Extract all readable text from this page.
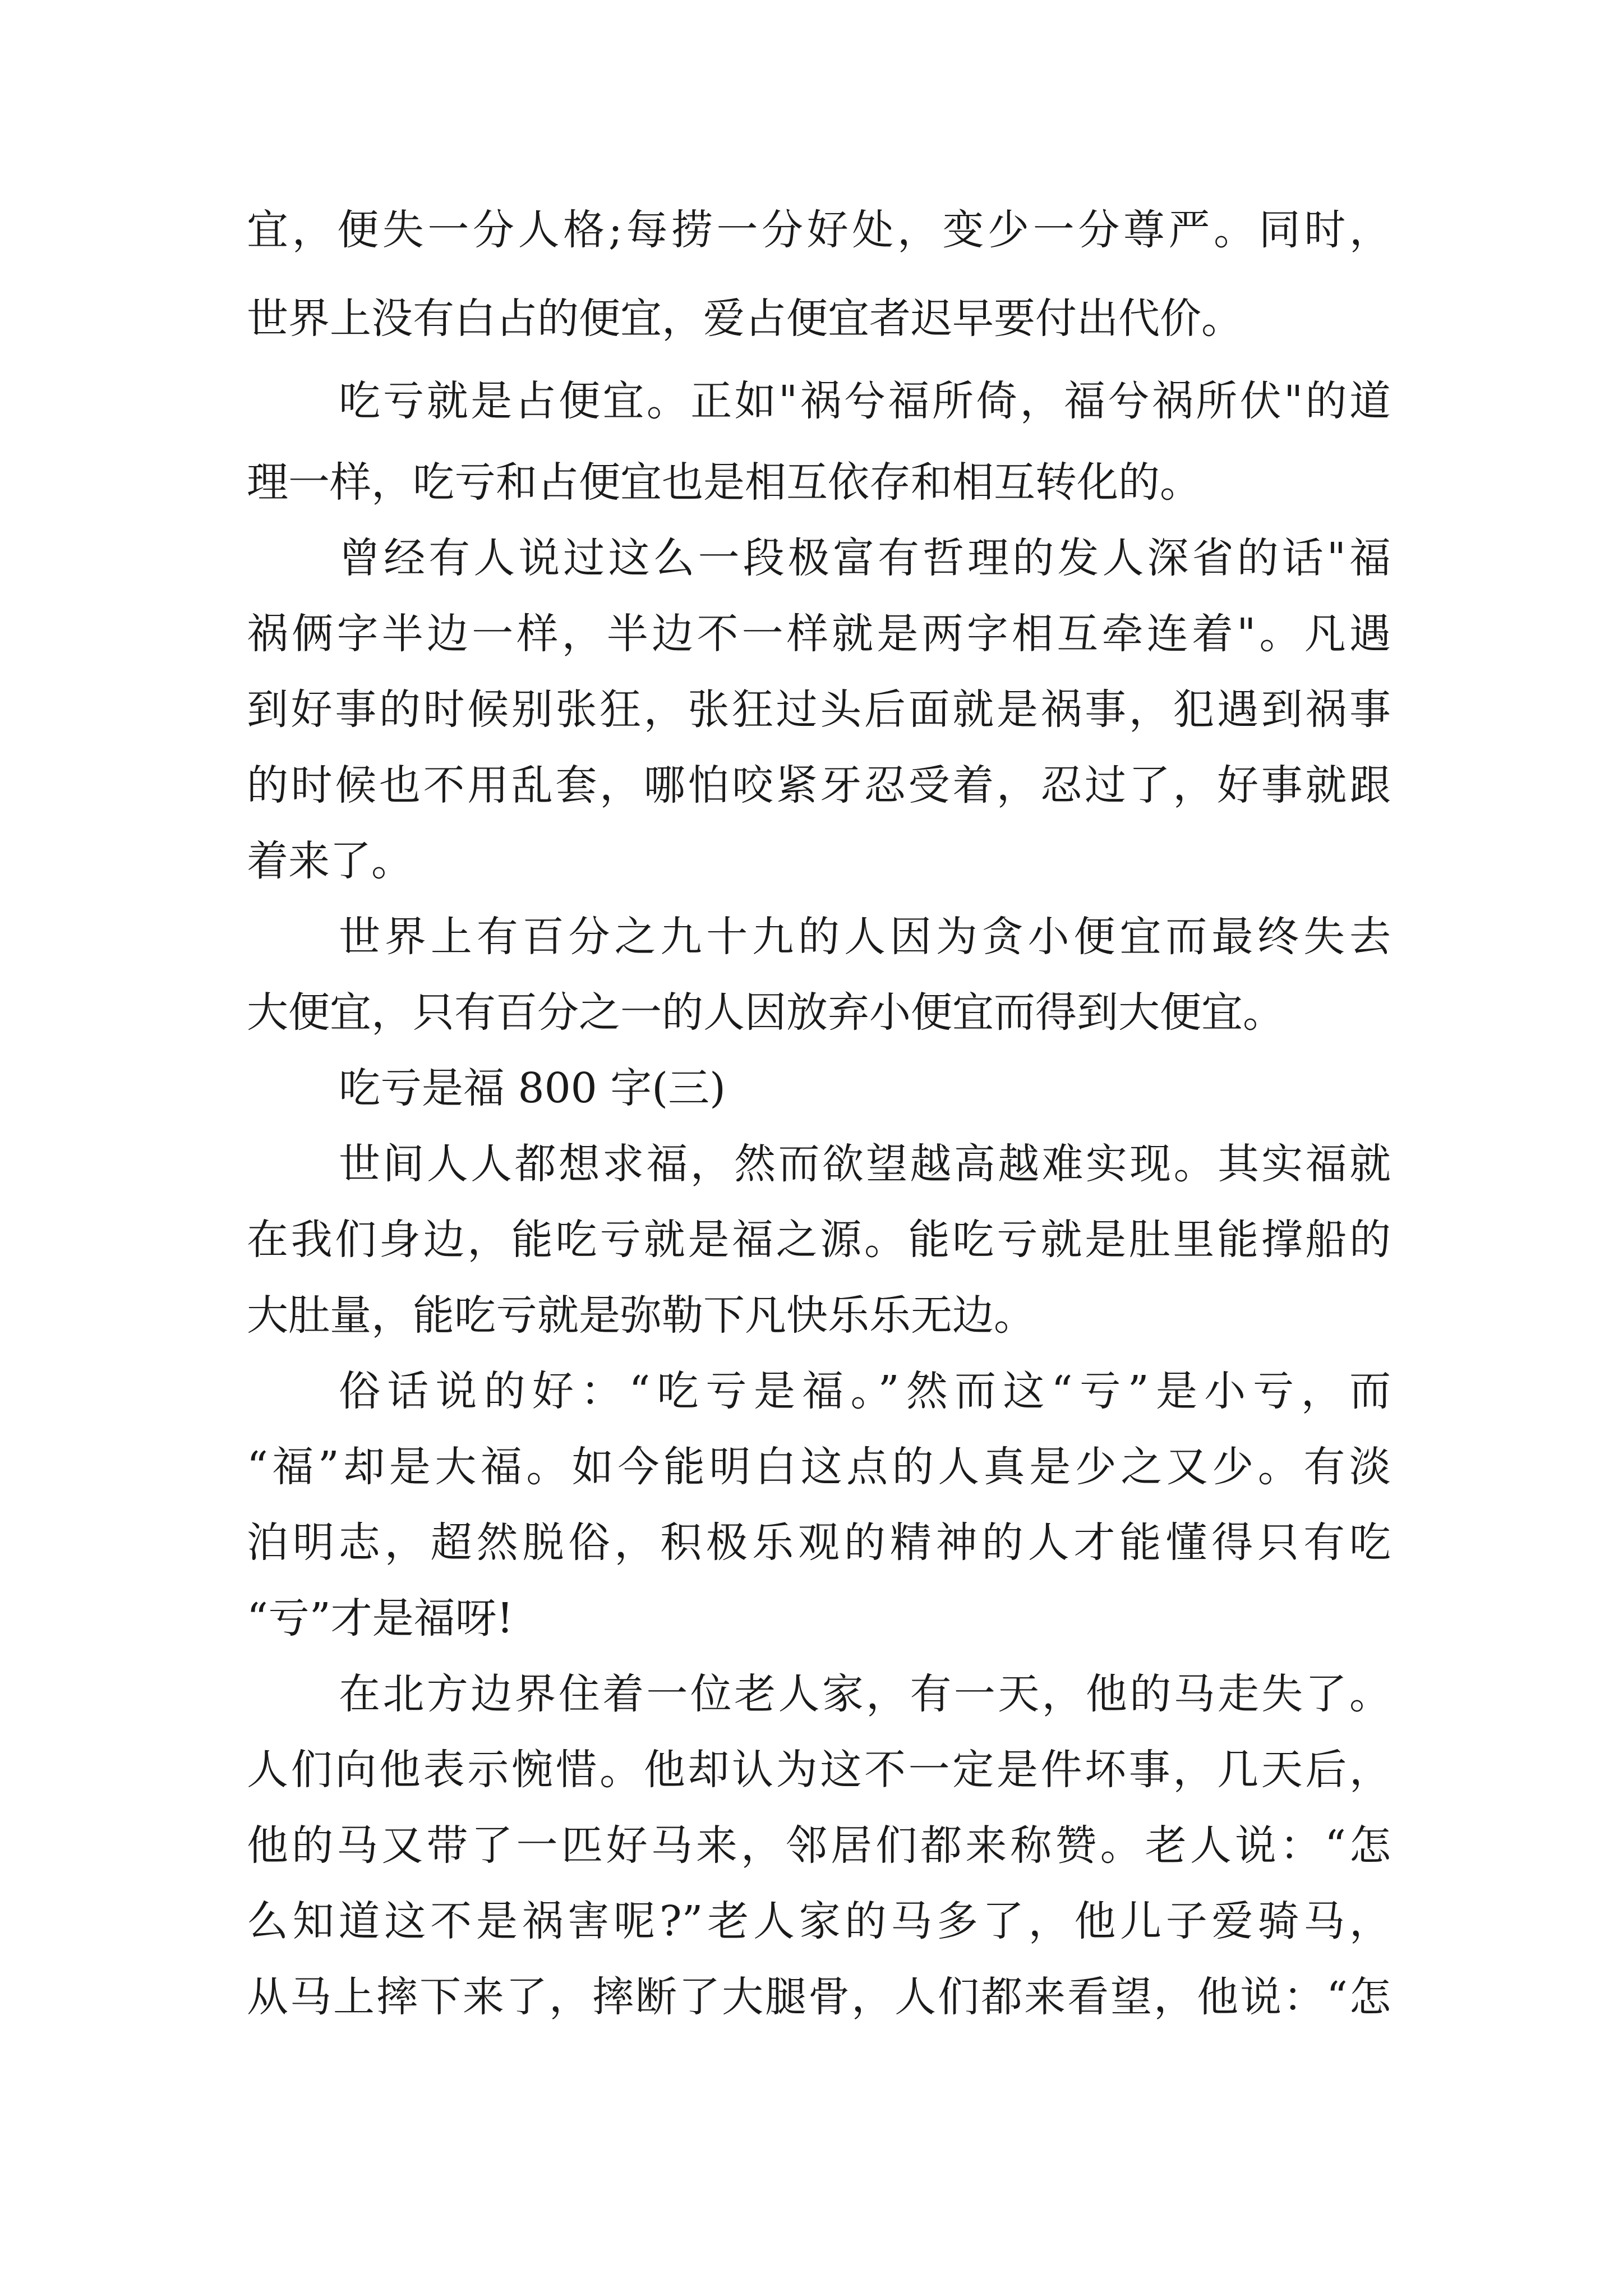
宜，便失一分人格;每捞一分好处，变少一分尊严。同时，
世界上没有白占的便宜，爱占便宜者迟早要付出代价。
吃亏就是占便宜。正如"祸兮福所倚，福兮祸所伏"的道
理一样，吃亏和占便宜也是相互依存和相互转化的。
曾经有人说过这么一段极富有哲理的发人深省的话"福
祸俩字半边一样，半边不一样就是两字相互牵连着"。凡遇
到好事的时候别张狂，张狂过头后面就是祸事，犯遇到祸事
的时候也不用乱套，哪怕咬紧牙忍受着，忍过了，好事就跟
着来了。
世界上有百分之九十九的人因为贪小便宜而最终失去
大便宜，只有百分之一的人因放弃小便宜而得到大便宜。
吃亏是福 800 字(三)
世间人人都想求福，然而欲望越高越难实现。其实福就
在我们身边，能吃亏就是福之源。能吃亏就是肚里能撑船的
大肚量，能吃亏就是弥勒下凡快乐乐无边。
俗话说的好：“吃亏是福。”然而这“亏”是小亏，而
“福”却是大福。如今能明白这点的人真是少之又少。有淡
泊明志，超然脱俗，积极乐观的精神的人才能懂得只有吃
“亏”才是福呀!
在北方边界住着一位老人家，有一天，他的马走失了。
人们向他表示惋惜。他却认为这不一定是件坏事，几天后，
他的马又带了一匹好马来，邻居们都来称赞。老人说：“怎
么知道这不是祸害呢?”老人家的马多了，他儿子爱骑马，
从马上摔下来了，摔断了大腿骨，人们都来看望，他说：“怎
